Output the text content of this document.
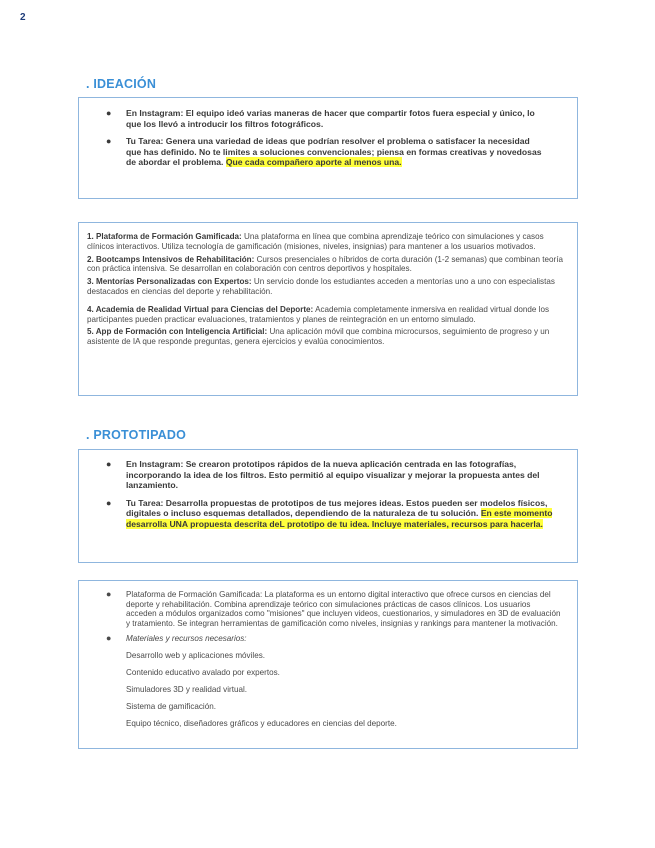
2
. IDEACIÓN
● En Instagram: El equipo ideó varias maneras de hacer que compartir fotos fuera especial y único, lo que los llevó a introducir los filtros fotográficos.
● Tu Tarea: Genera una variedad de ideas que podrían resolver el problema o satisfacer la necesidad que has definido. No te limites a soluciones convencionales; piensa en formas creativas y novedosas de abordar el problema. Que cada compañero aporte al menos una.

1. Plataforma de Formación Gamificada: Una plataforma en línea que combina aprendizaje teórico con simulaciones y casos clínicos interactivos. Utiliza tecnología de gamificación (misiones, niveles, insignias) para mantener a los usuarios motivados.

2. Bootcamps Intensivos de Rehabilitación: Cursos presenciales o híbridos de corta duración (1-2 semanas) que combinan teoría con práctica intensiva. Se desarrollan en colaboración con centros deportivos y hospitales.

3. Mentorías Personalizadas con Expertos: Un servicio donde los estudiantes acceden a mentorías uno a uno con especialistas destacados en ciencias del deporte y rehabilitación.

4. Academia de Realidad Virtual para Ciencias del Deporte: Academia completamente inmersiva en realidad virtual donde los participantes pueden practicar evaluaciones, tratamientos y planes de reintegración en un entorno simulado.

5. App de Formación con Inteligencia Artificial: Una aplicación móvil que combina microcursos, seguimiento de progreso y un asistente de IA que responde preguntas, genera ejercicios y evalúa conocimientos.

. PROTOTIPADO
● En Instagram: Se crearon prototipos rápidos de la nueva aplicación centrada en las fotografías, incorporando la idea de los filtros. Esto permitió al equipo visualizar y mejorar la propuesta antes del lanzamiento.
● Tu Tarea: Desarrolla propuestas de prototipos de tus mejores ideas. Estos pueden ser modelos físicos, digitales o incluso esquemas detallados, dependiendo de la naturaleza de tu solución. En este momento desarrolla UNA propuesta descrita deL prototipo de tu idea. Incluye materiales, recursos para hacerla.
● Plataforma de Formación Gamificada: La plataforma es un entorno digital interactivo que ofrece cursos en ciencias del deporte y rehabilitación. Combina aprendizaje teórico con simulaciones prácticas de casos clínicos. Los usuarios acceden a módulos organizados como "misiones" que incluyen videos, cuestionarios, y simuladores en 3D de evaluación y tratamiento. Se integran herramientas de gamificación como niveles, insignias y rankings para mantener la motivación.
● Materiales y recursos necesarios:
Desarrollo web y aplicaciones móviles.
Contenido educativo avalado por expertos.
Simuladores 3D y realidad virtual.
Sistema de gamificación.
Equipo técnico, diseñadores gráficos y educadores en ciencias del deporte.
